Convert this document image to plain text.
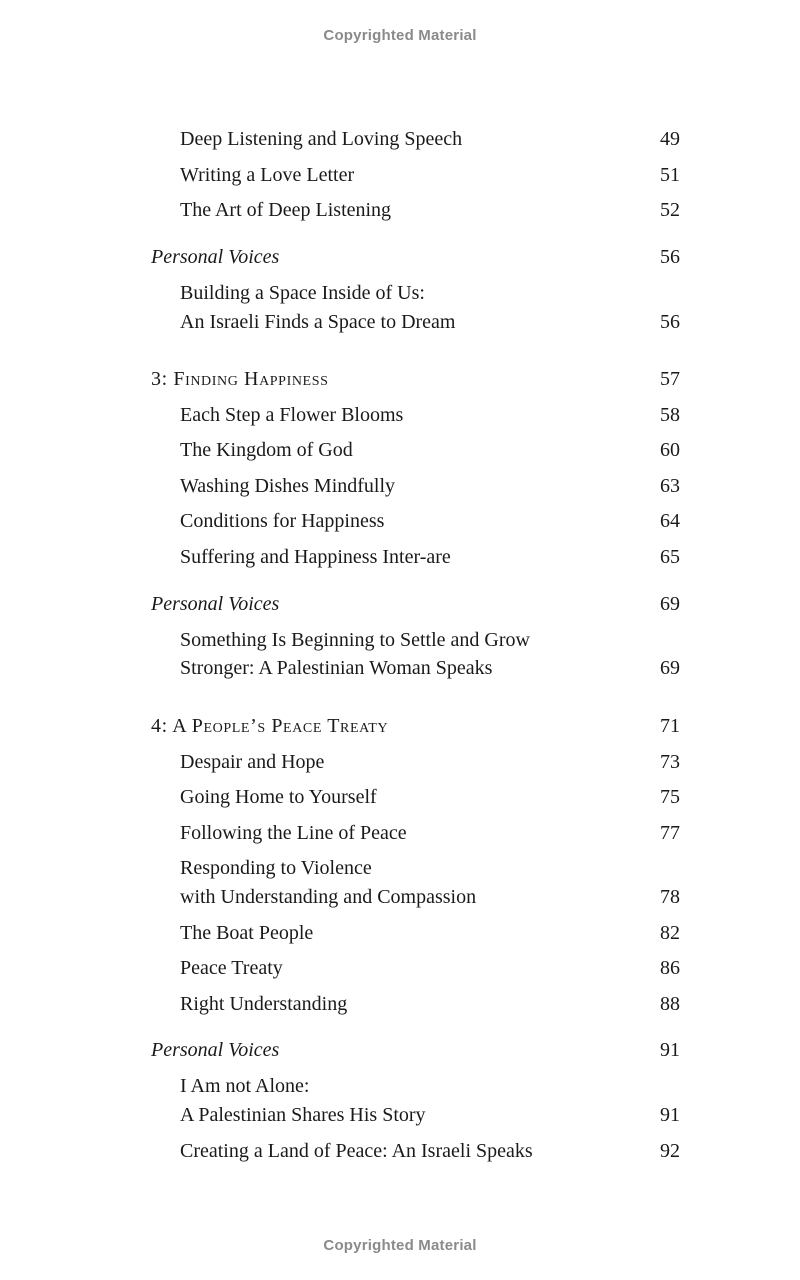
Copyrighted Material
Deep Listening and Loving Speech	49
Writing a Love Letter	51
The Art of Deep Listening	52
Personal Voices	56
Building a Space Inside of Us:
An Israeli Finds a Space to Dream	56
3: Finding Happiness	57
Each Step a Flower Blooms	58
The Kingdom of God	60
Washing Dishes Mindfully	63
Conditions for Happiness	64
Suffering and Happiness Inter-are	65
Personal Voices	69
Something Is Beginning to Settle and Grow
Stronger: A Palestinian Woman Speaks	69
4: A People’s Peace Treaty	71
Despair and Hope	73
Going Home to Yourself	75
Following the Line of Peace	77
Responding to Violence
with Understanding and Compassion	78
The Boat People	82
Peace Treaty	86
Right Understanding	88
Personal Voices	91
I Am not Alone:
A Palestinian Shares His Story	91
Creating a Land of Peace: An Israeli Speaks	92
Copyrighted Material
